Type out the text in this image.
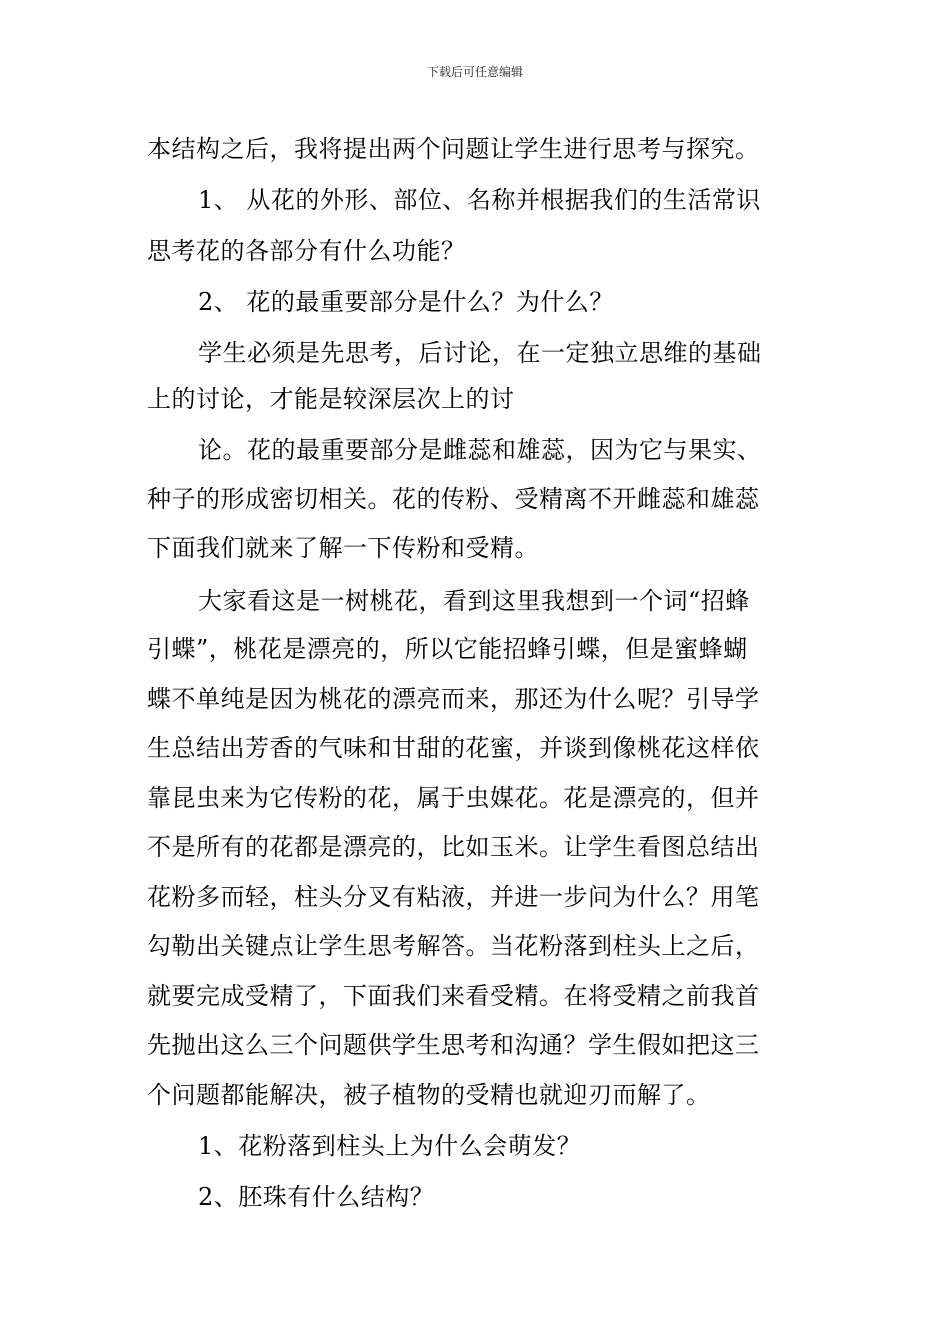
下载后可任意编辑
本结构之后，我将提出两个问题让学生进行思考与探究。
1、 从花的外形、部位、名称并根据我们的生活常识
思考花的各部分有什么功能？
2、 花的最重要部分是什么？为什么？
学生必须是先思考，后讨论，在一定独立思维的基础
上的讨论，才能是较深层次上的讨
论。花的最重要部分是雌蕊和雄蕊，因为它与果实、
种子的形成密切相关。花的传粉、受精离不开雌蕊和雄蕊
下面我们就来了解一下传粉和受精。
大家看这是一树桃花，看到这里我想到一个词“招蜂
引蝶”，桃花是漂亮的，所以它能招蜂引蝶，但是蜜蜂蝴
蝶不单纯是因为桃花的漂亮而来，那还为什么呢？引导学
生总结出芳香的气味和甘甜的花蜜，并谈到像桃花这样依
靠昆虫来为它传粉的花，属于虫媒花。花是漂亮的，但并
不是所有的花都是漂亮的，比如玉米。让学生看图总结出
花粉多而轻，柱头分叉有粘液，并进一步问为什么？用笔
勾勒出关键点让学生思考解答。当花粉落到柱头上之后，
就要完成受精了，下面我们来看受精。在将受精之前我首
先抛出这么三个问题供学生思考和沟通？学生假如把这三
个问题都能解决，被子植物的受精也就迎刃而解了。
1、花粉落到柱头上为什么会萌发？
2、胚珠有什么结构？
